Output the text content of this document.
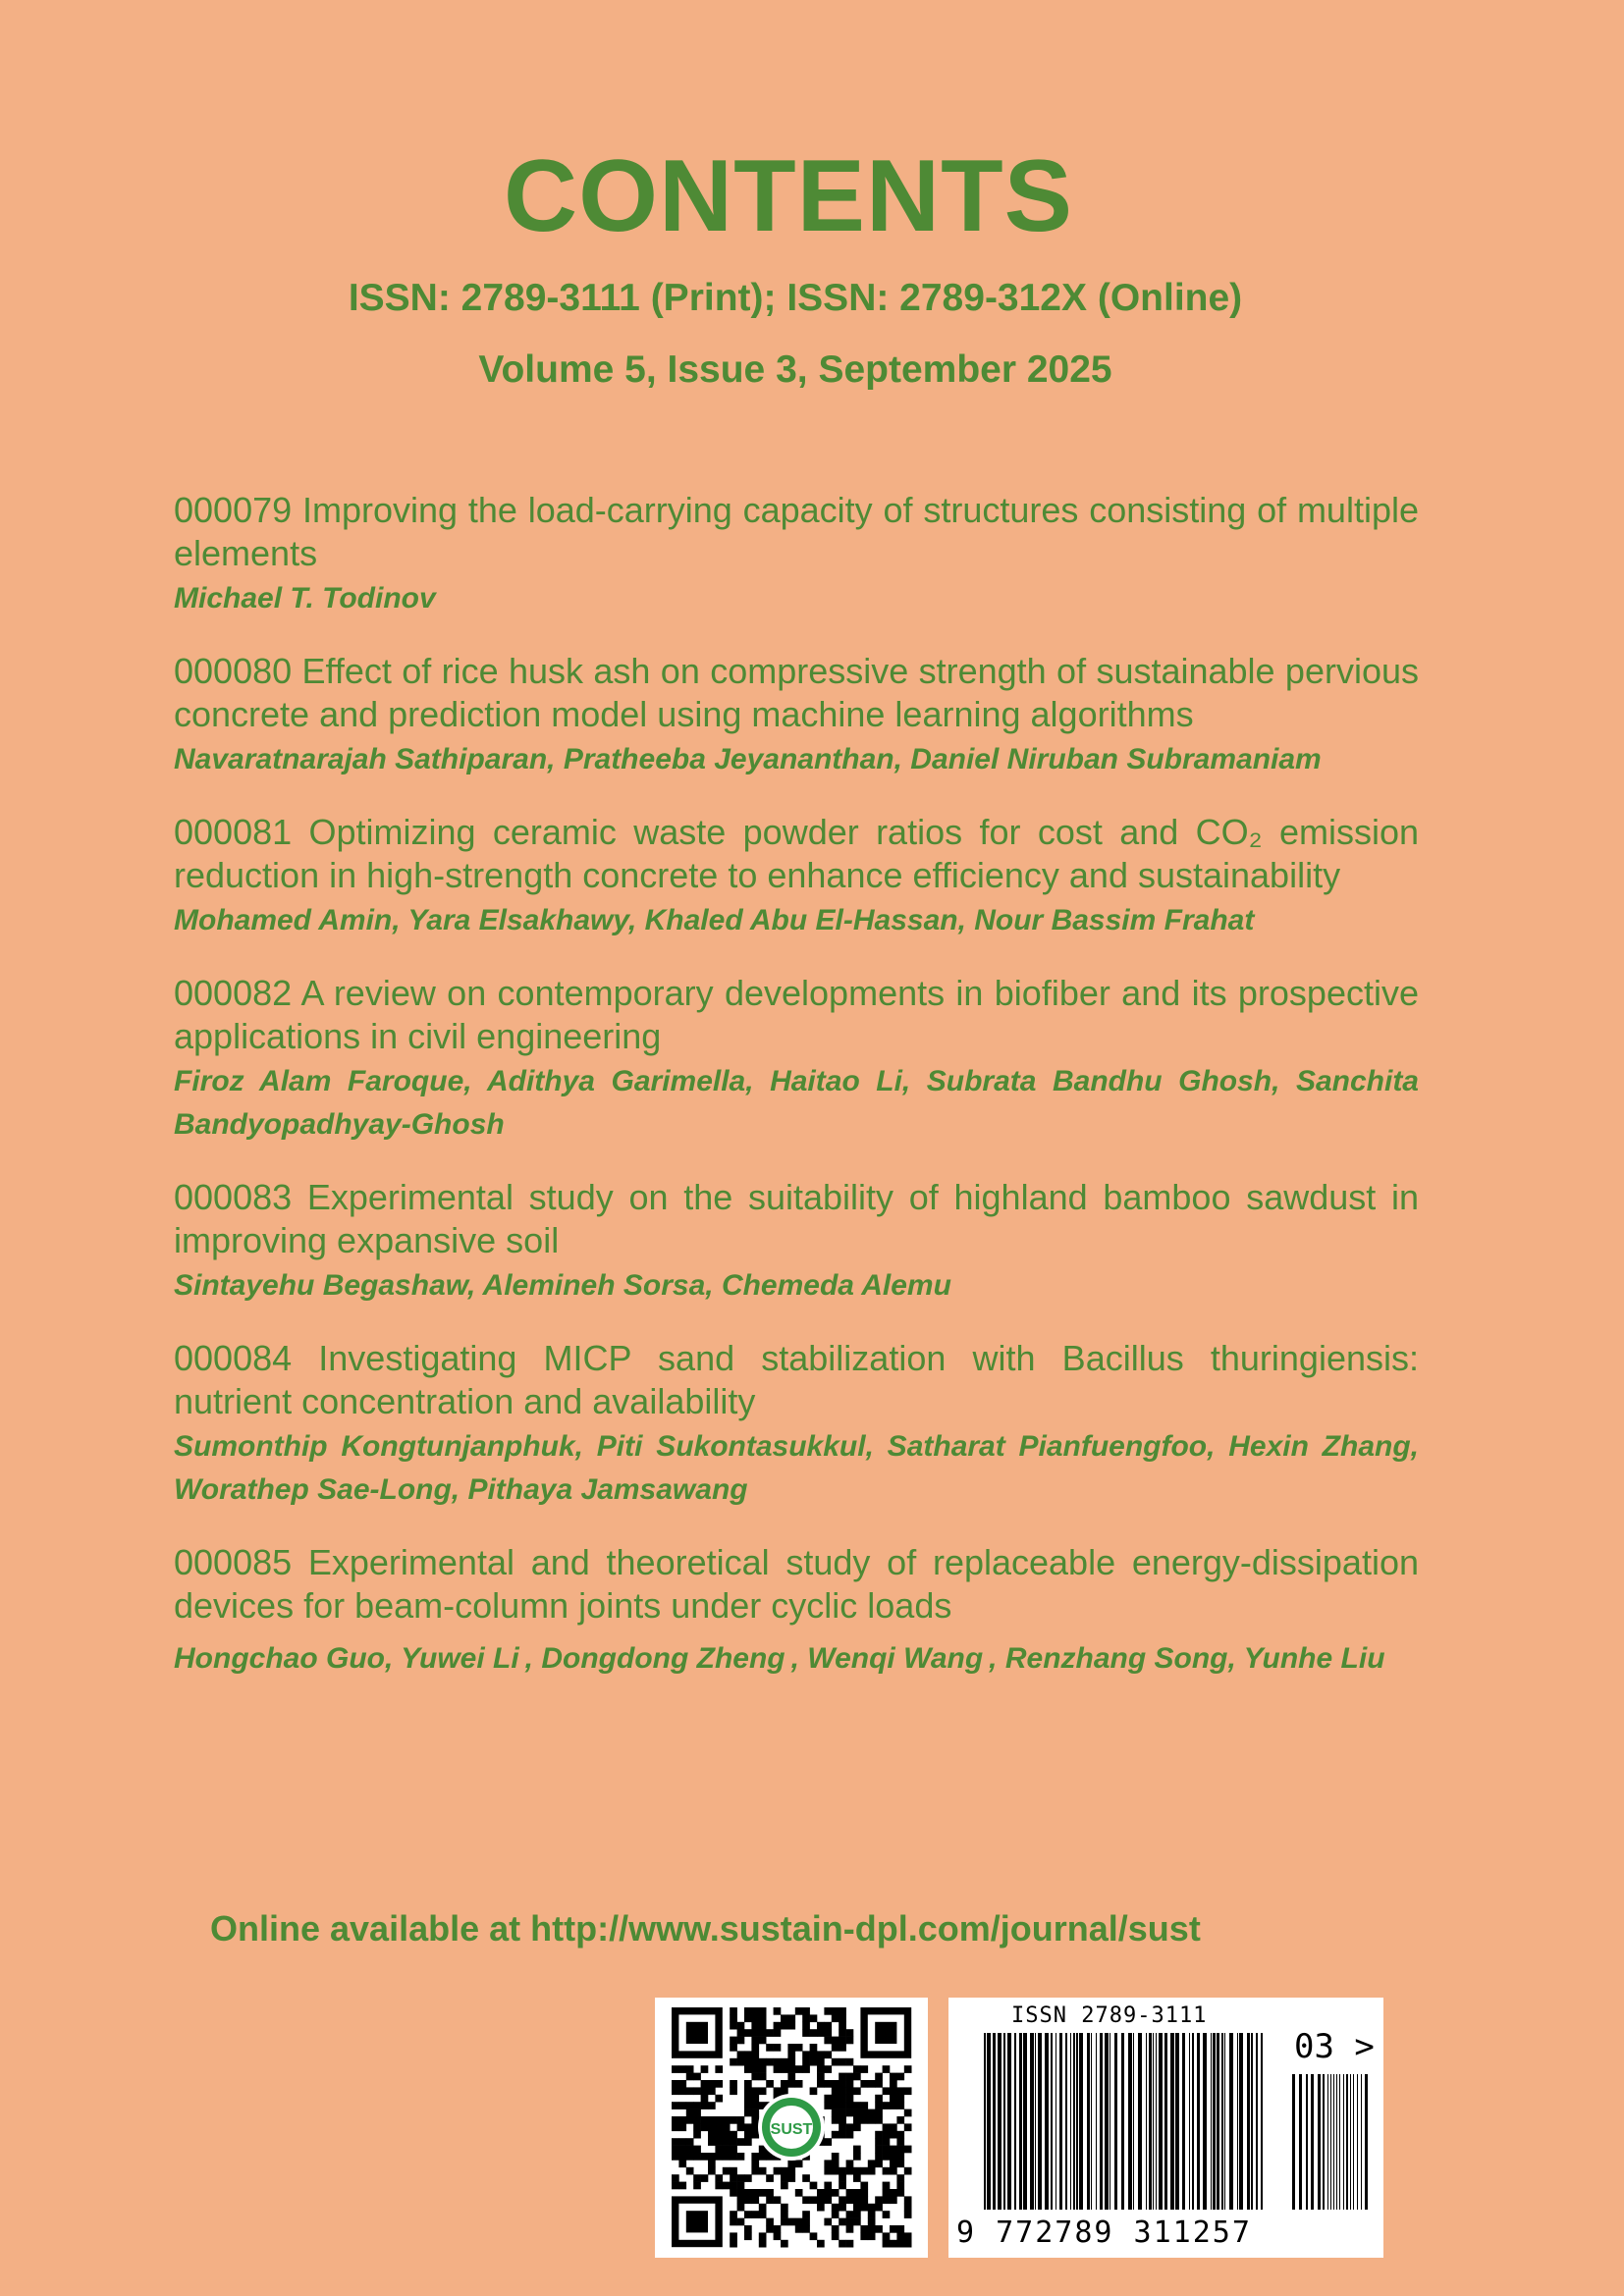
CONTENTS
ISSN: 2789-3111 (Print); ISSN: 2789-312X (Online)
Volume 5, Issue 3, September 2025
000079 Improving the load-carrying capacity of structures consisting of multiple elements
Michael T. Todinov
000080 Effect of rice husk ash on compressive strength of sustainable pervious concrete and prediction model using machine learning algorithms
Navaratnarajah Sathiparan, Pratheeba Jeyananthan, Daniel Niruban Subramaniam
000081 Optimizing ceramic waste powder ratios for cost and CO₂ emission reduction in high-strength concrete to enhance efficiency and sustainability
Mohamed Amin, Yara Elsakhawy, Khaled Abu El-Hassan, Nour Bassim Frahat
000082 A review on contemporary developments in biofiber and its prospective applications in civil engineering
Firoz Alam Faroque, Adithya Garimella, Haitao Li, Subrata Bandhu Ghosh, Sanchita Bandyopadhyay-Ghosh
000083 Experimental study on the suitability of highland bamboo sawdust in improving expansive soil
Sintayehu Begashaw, Alemineh Sorsa, Chemeda Alemu
000084 Investigating MICP sand stabilization with Bacillus thuringiensis: nutrient concentration and availability
Sumonthip Kongtunjanphuk, Piti Sukontasukkul, Satharat Pianfuengfoo, Hexin Zhang, Worathep Sae-Long, Pithaya Jamsawang
000085 Experimental and theoretical study of replaceable energy-dissipation devices for beam-column joints under cyclic loads
Hongchao Guo, Yuwei Li , Dongdong Zheng , Wenqi Wang , Renzhang Song, Yunhe Liu
Online available at http://www.sustain-dpl.com/journal/sust
SUST
ISSN 2789-3111
03 >
9 772789 311257
